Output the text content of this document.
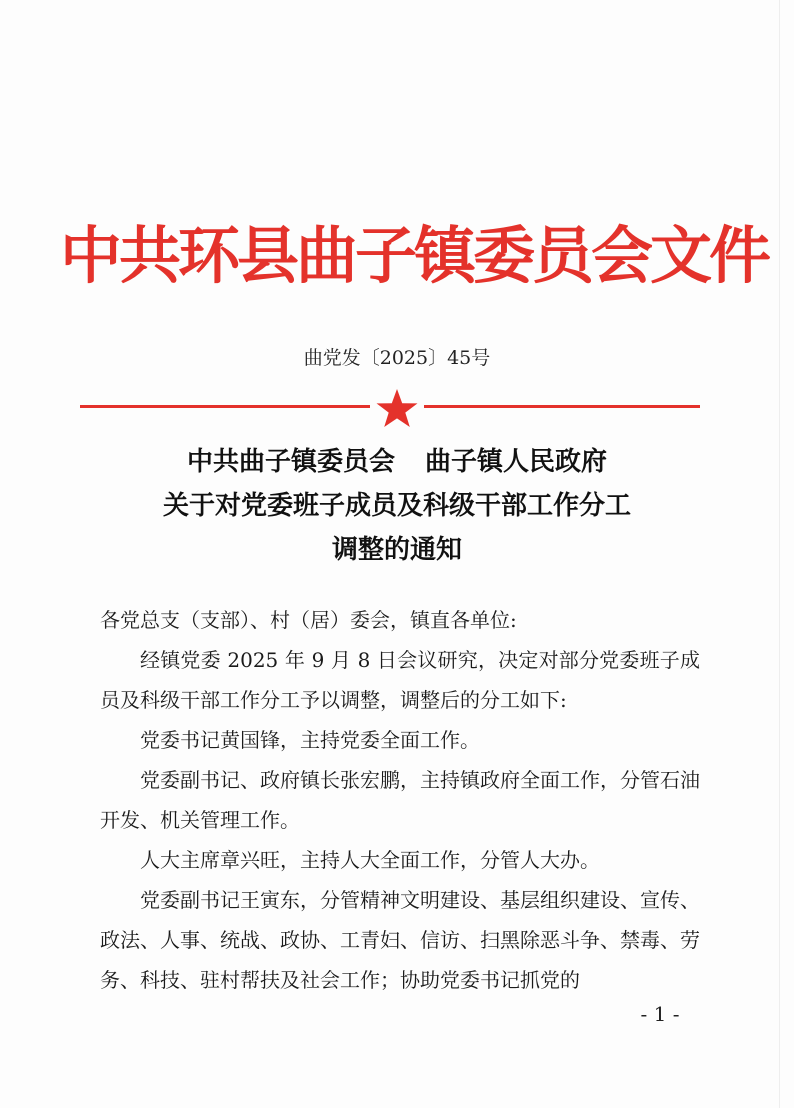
中共环县曲子镇委员会文件
曲党发〔2025〕45号
中共曲子镇委员会 曲子镇人民政府
关于对党委班子成员及科级干部工作分工
调整的通知

各党总支（支部）、村（居）委会，镇直各单位:

经镇党委 2025 年 9 月 8 日会议研究，决定对部分党委班子成员及科级干部工作分工予以调整，调整后的分工如下:

党委书记黄国锋，主持党委全面工作。

党委副书记、政府镇长张宏鹏，主持镇政府全面工作，分管石油开发、机关管理工作。

人大主席章兴旺，主持人大全面工作，分管人大办。

党委副书记王寅东，分管精神文明建设、基层组织建设、宣传、政法、人事、统战、政协、工青妇、信访、扫黑除恶斗争、禁毒、劳务、科技、驻村帮扶及社会工作；协助党委书记抓党的

- 1 -
